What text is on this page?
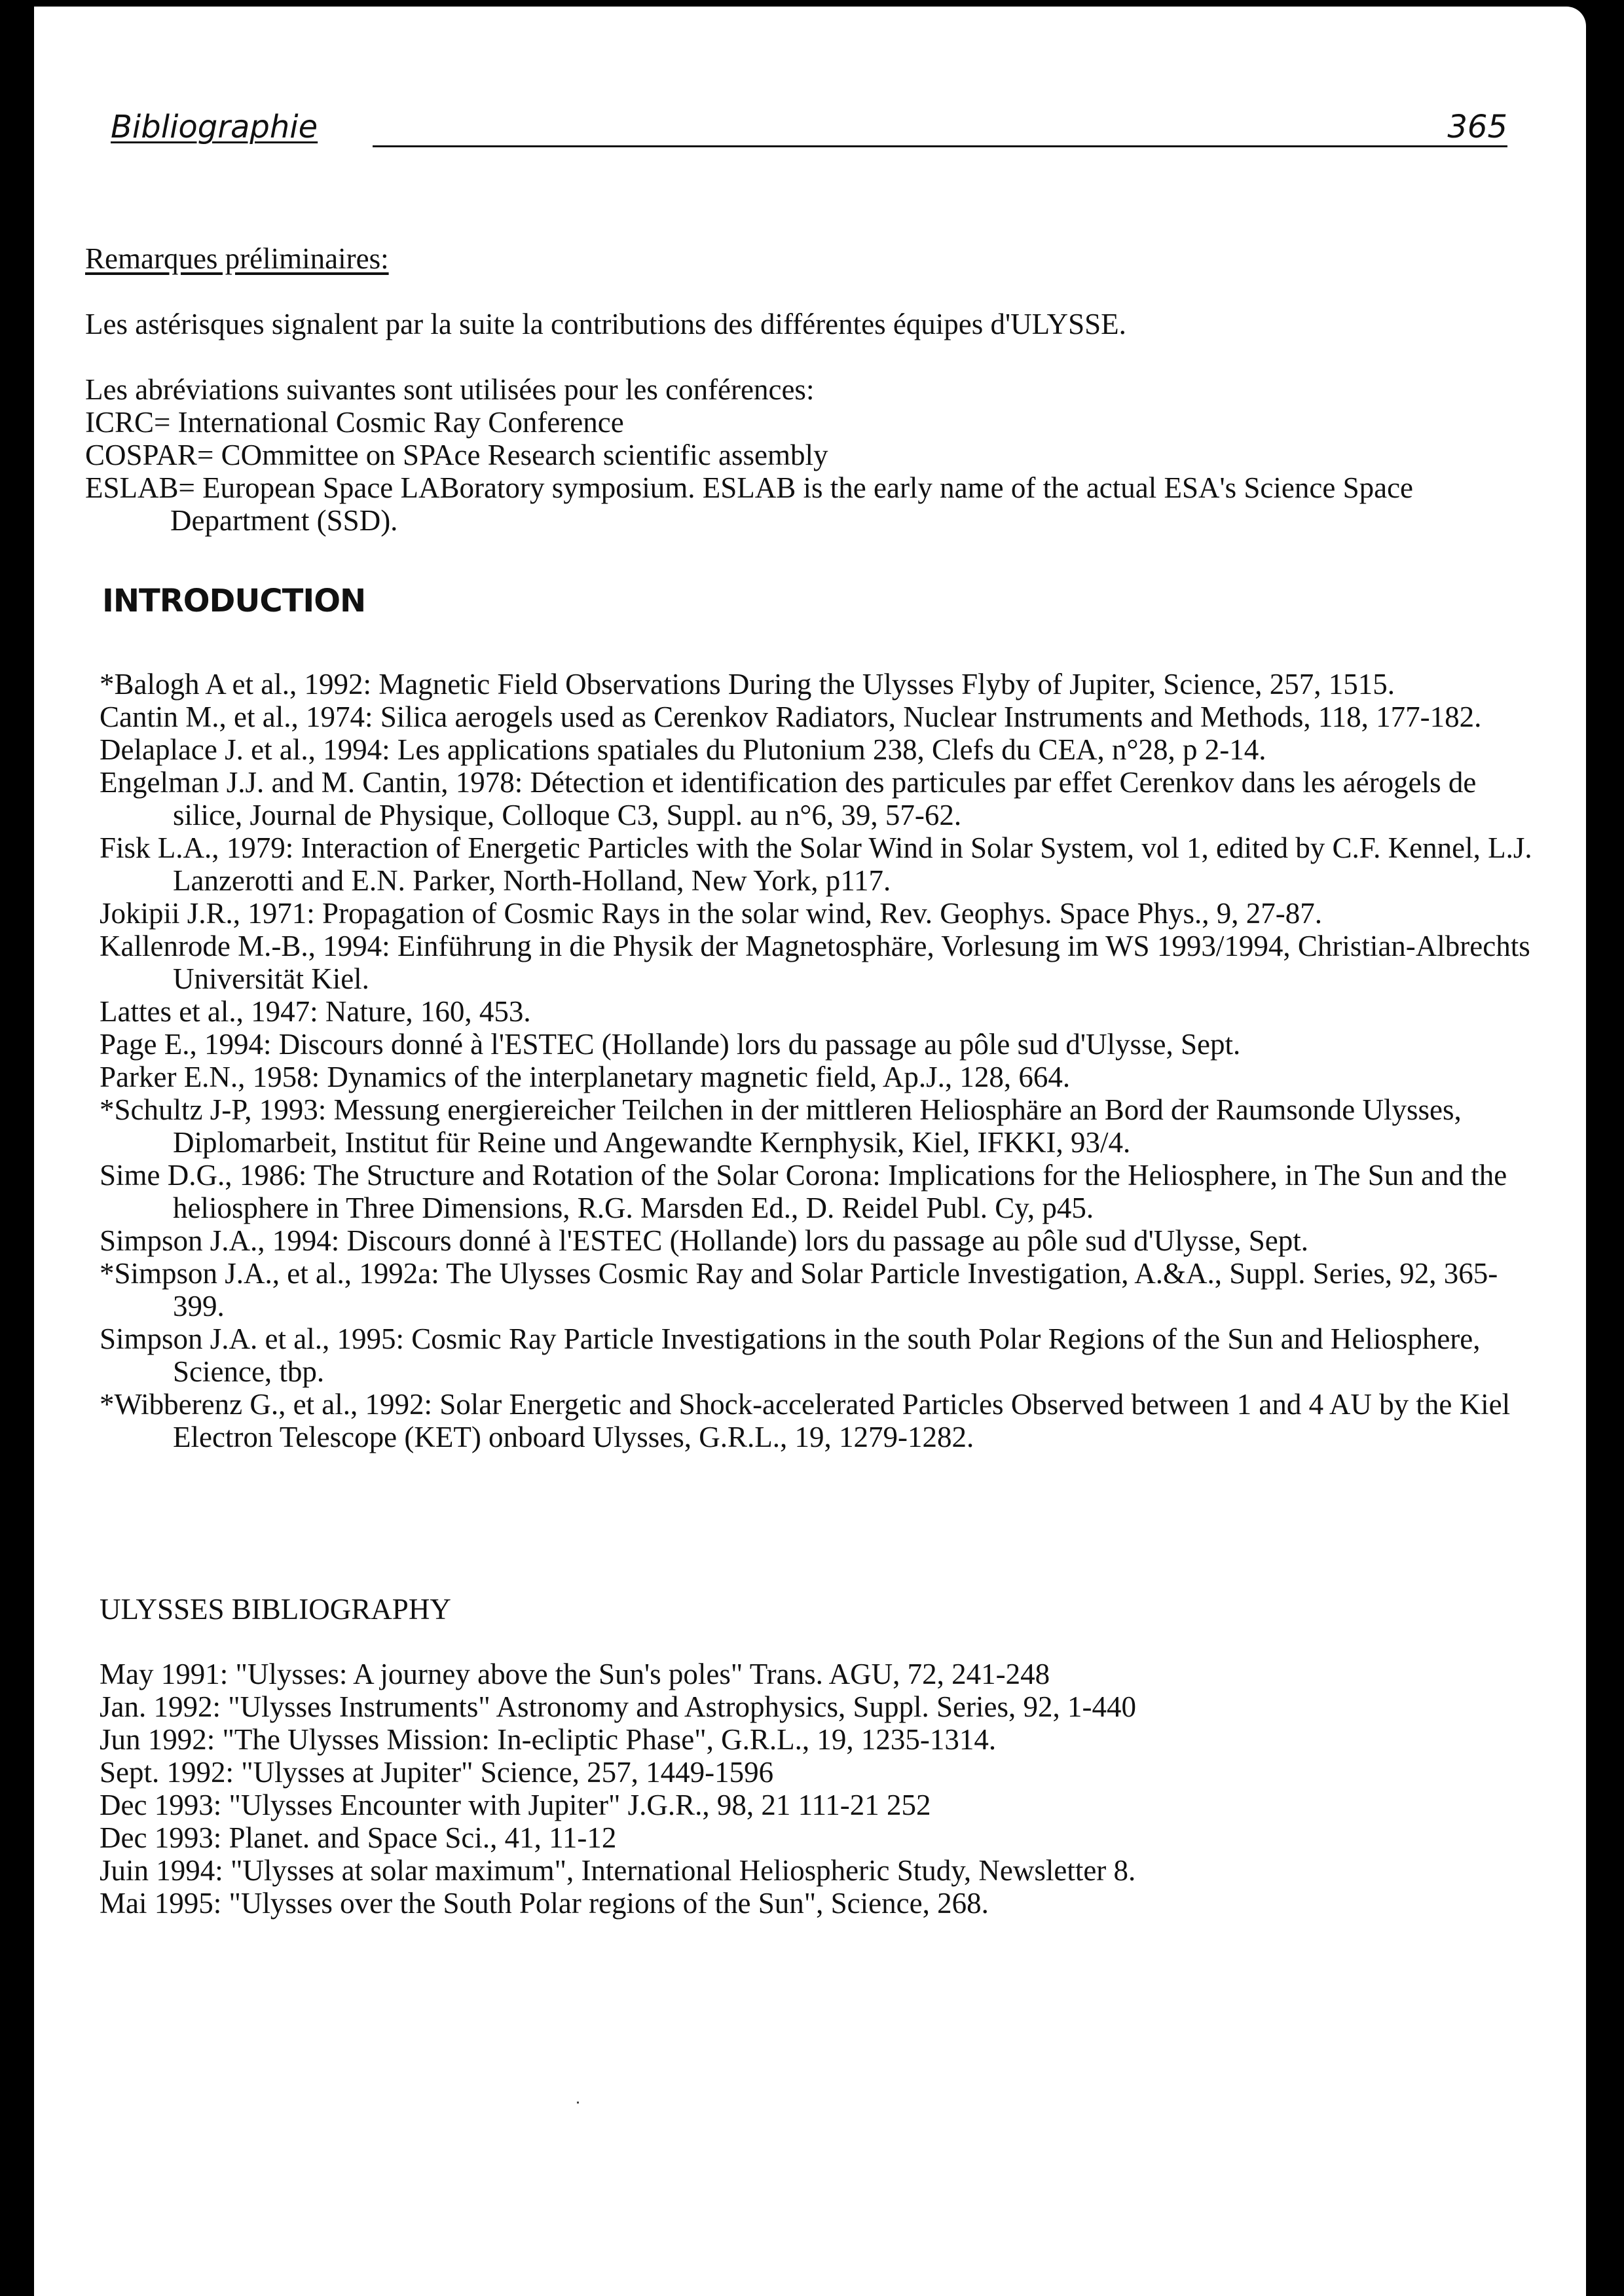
Bibliographie	365

Remarques préliminaires:

Les astérisques signalent par la suite la contributions des différentes équipes d'ULYSSE.

Les abréviations suivantes sont utilisées pour les conférences:

ICRC= International Cosmic Ray Conference

COSPAR= COmmittee on SPAce Research scientific assembly

ESLAB= European Space LABoratory symposium. ESLAB is the early name of the actual ESA's Science Space Department (SSD).

INTRODUCTION

*Balogh A et al., 1992: Magnetic Field Observations During the Ulysses Flyby of Jupiter, Science, 257, 1515.

Cantin M., et al., 1974: Silica aerogels used as Cerenkov Radiators, Nuclear Instruments and Methods, 118, 177-182.

Delaplace J. et al., 1994: Les applications spatiales du Plutonium 238, Clefs du CEA, n°28, p 2-14.

Engelman J.J. and M. Cantin, 1978: Détection et identification des particules par effet Cerenkov dans les aérogels de silice, Journal de Physique, Colloque C3, Suppl. au n°6, 39, 57-62.

Fisk L.A., 1979: Interaction of Energetic Particles with the Solar Wind in Solar System, vol 1, edited by C.F. Kennel, L.J. Lanzerotti and E.N. Parker, North-Holland, New York, p117.

Jokipii J.R., 1971: Propagation of Cosmic Rays in the solar wind, Rev. Geophys. Space Phys., 9, 27-87.

Kallenrode M.-B., 1994: Einführung in die Physik der Magnetosphäre, Vorlesung im WS 1993/1994, Christian-Albrechts Universität Kiel.

Lattes et al., 1947: Nature, 160, 453.

Page E., 1994: Discours donné à l'ESTEC (Hollande) lors du passage au pôle sud d'Ulysse, Sept.

Parker E.N., 1958: Dynamics of the interplanetary magnetic field, Ap.J., 128, 664.

*Schultz J-P, 1993: Messung energiereicher Teilchen in der mittleren Heliosphäre an Bord der Raumsonde Ulysses, Diplomarbeit, Institut für Reine und Angewandte Kernphysik, Kiel, IFKKI, 93/4.

Sime D.G., 1986: The Structure and Rotation of the Solar Corona: Implications for the Heliosphere, in The Sun and the heliosphere in Three Dimensions, R.G. Marsden Ed., D. Reidel Publ. Cy, p45.

Simpson J.A., 1994: Discours donné à l'ESTEC (Hollande) lors du passage au pôle sud d'Ulysse, Sept.

*Simpson J.A., et al., 1992a: The Ulysses Cosmic Ray and Solar Particle Investigation, A.&A., Suppl. Series, 92, 365-399.

Simpson J.A. et al., 1995: Cosmic Ray Particle Investigations in the south Polar Regions of the Sun and Heliosphere, Science, tbp.

*Wibberenz G., et al., 1992: Solar Energetic and Shock-accelerated Particles Observed between 1 and 4 AU by the Kiel Electron Telescope (KET) onboard Ulysses, G.R.L., 19, 1279-1282.

ULYSSES BIBLIOGRAPHY

May 1991: "Ulysses: A journey above the Sun's poles" Trans. AGU, 72, 241-248

Jan. 1992: "Ulysses Instruments" Astronomy and Astrophysics, Suppl. Series, 92, 1-440

Jun 1992: "The Ulysses Mission: In-ecliptic Phase", G.R.L., 19, 1235-1314.

Sept. 1992: "Ulysses at Jupiter" Science, 257, 1449-1596

Dec 1993: "Ulysses Encounter with Jupiter" J.G.R., 98, 21 111-21 252

Dec 1993: Planet. and Space Sci., 41, 11-12

Juin 1994: "Ulysses at solar maximum", International Heliospheric Study, Newsletter 8.

Mai 1995: "Ulysses over the South Polar regions of the Sun", Science, 268.
